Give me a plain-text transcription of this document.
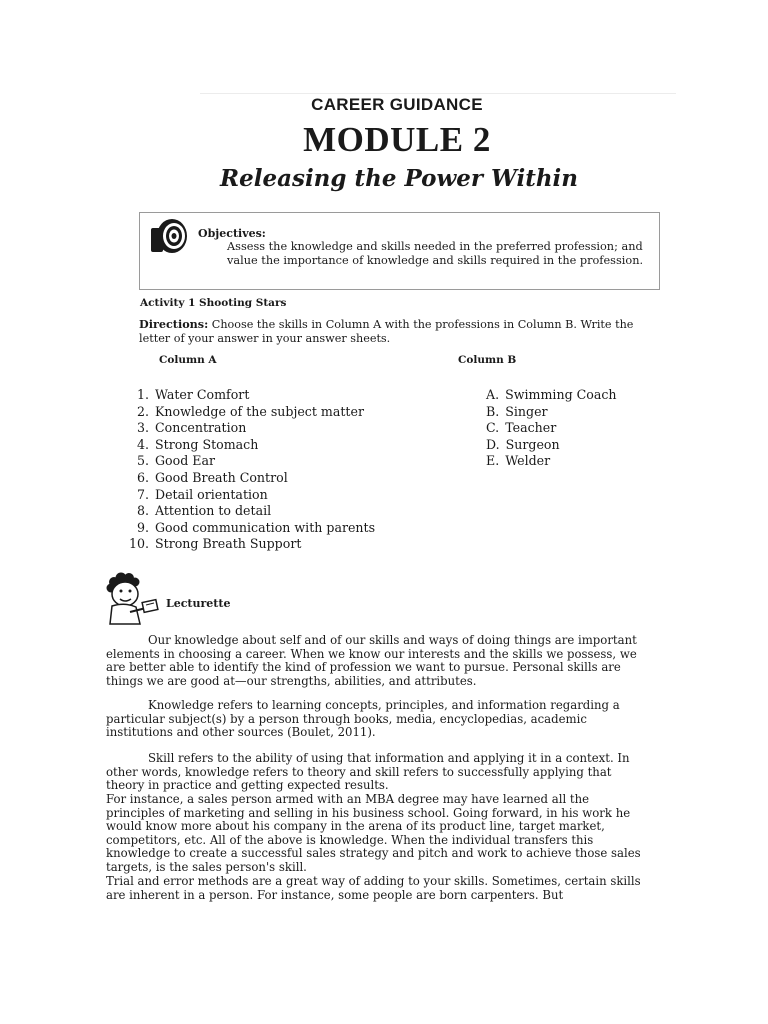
CAREER GUIDANCE
MODULE 2
Releasing the Power Within
Objectives:
Assess the knowledge and skills needed in the preferred profession; and value the importance of knowledge and skills required in the profession.
Activity 1 Shooting Stars
Directions: Choose the skills in Column A with the professions in Column B. Write the letter of your answer in your answer sheets.
Column A	Column B
1. Water Comfort
2. Knowledge of the subject matter
3. Concentration
4. Strong Stomach
5. Good Ear
6. Good Breath Control
7. Detail orientation
8. Attention to detail
9. Good communication with parents
10. Strong Breath Support
A. Swimming Coach
B. Singer
C. Teacher
D. Surgeon
E. Welder
Lecturette

Our knowledge about self and of our skills and ways of doing things are important elements in choosing a career. When we know our interests and the skills we possess, we are better able to identify the kind of profession we want to pursue. Personal skills are things we are good at—our strengths, abilities, and attributes.

Knowledge refers to learning concepts, principles, and information regarding a particular subject(s) by a person through books, media, encyclopedias, academic institutions and other sources (Boulet, 2011).

Skill refers to the ability of using that information and applying it in a context. In other words, knowledge refers to theory and skill refers to successfully applying that theory in practice and getting expected results.

For instance, a sales person armed with an MBA degree may have learned all the principles of marketing and selling in his business school. Going forward, in his work he would know more about his company in the arena of its product line, target market, competitors, etc. All of the above is knowledge. When the individual transfers this knowledge to create a successful sales strategy and pitch and work to achieve those sales targets, is the sales person's skill.

Trial and error methods are a great way of adding to your skills. Sometimes, certain skills are inherent in a person. For instance, some people are born carpenters. But
